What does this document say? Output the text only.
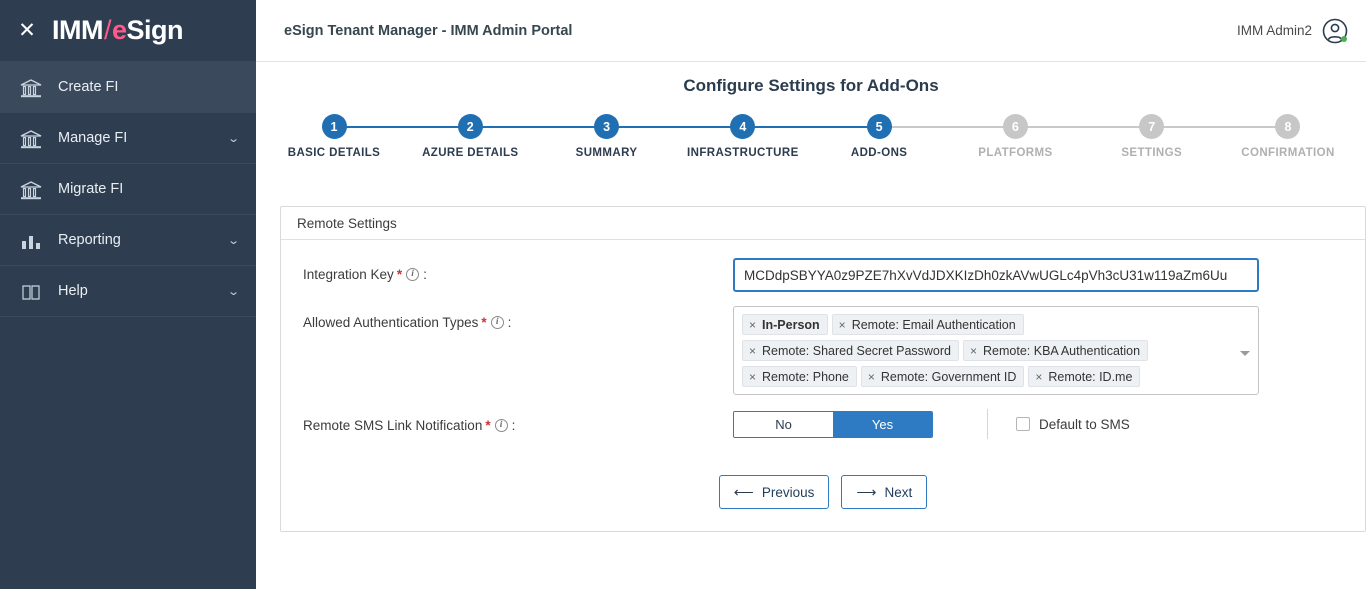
✕ IMM / e Sign
Create FI
Manage FI	⌄
Migrate FI
Reporting	⌄
Help	⌄
eSign Tenant Manager - IMM Admin Portal	IMM Admin2
Configure Settings for Add-Ons
1
BASIC DETAILS
2
AZURE DETAILS
3
SUMMARY
4
INFRASTRUCTURE
5
ADD-ONS
6
PLATFORMS
7
SETTINGS
8
CONFIRMATION
Remote Settings
Integration Key * i :
MCDdpSBYYA0z9PZE7hXvVdJDXKIzDh0zkAVwUGLc4pVh3cU31w119aZm6Uu
Allowed Authentication Types * i :	× In-Person	× Remote: Email Authentication
× Remote: Shared Secret Password	× Remote: KBA Authentication
× Remote: Phone	× Remote: Government ID	× Remote: ID.me
Remote SMS Link Notification * i :	No	Yes	Default to SMS
⟵ Previous	⟶ Next
